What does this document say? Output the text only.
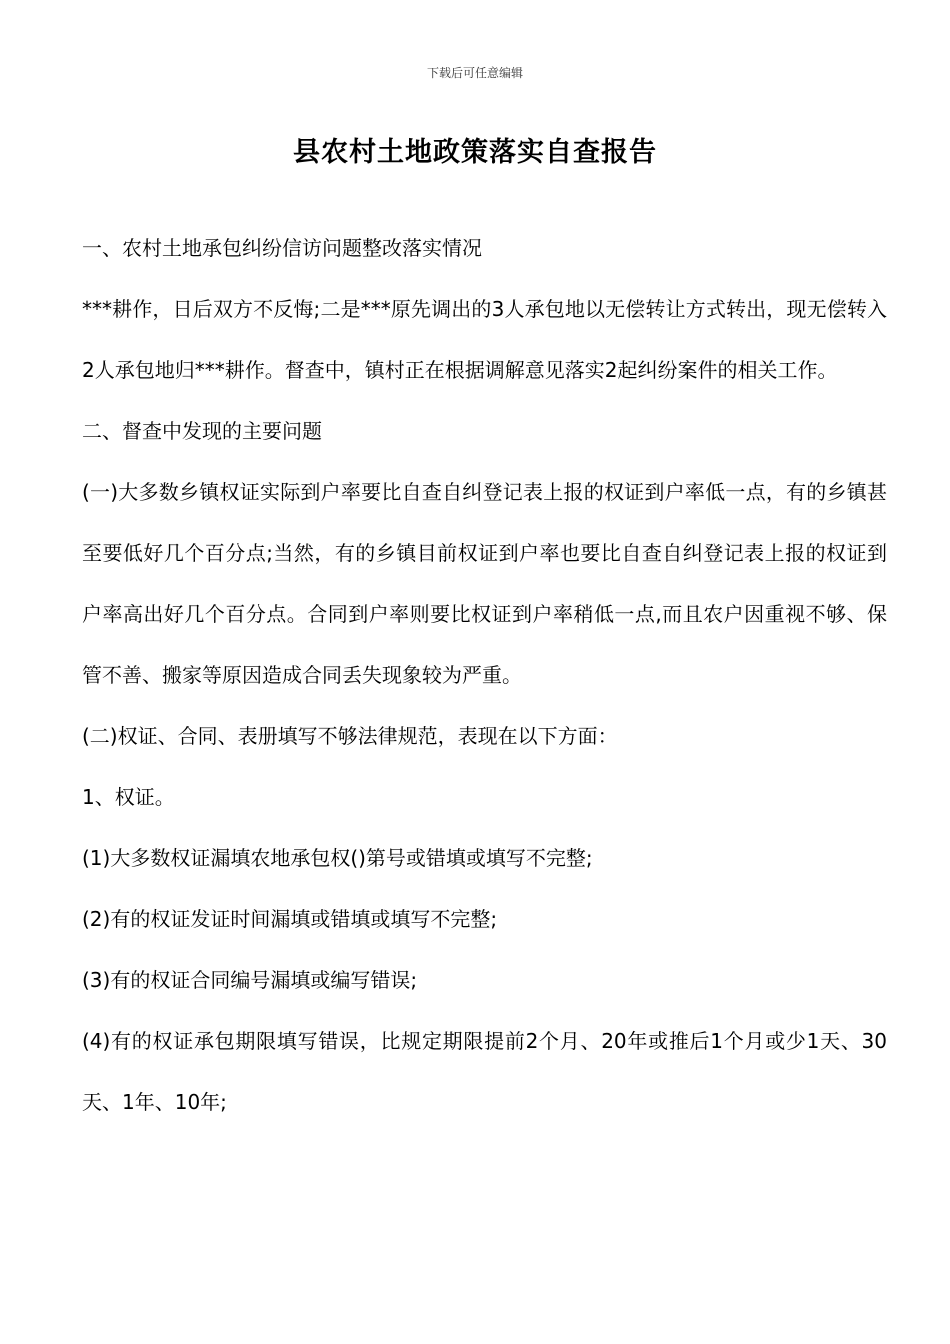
下载后可任意编辑
县农村土地政策落实自查报告

一、农村土地承包纠纷信访问题整改落实情况

***耕作，日后双方不反悔;二是***原先调出的3人承包地以无偿转让方式转出，现无偿转入2人承包地归***耕作。督查中，镇村正在根据调解意见落实2起纠纷案件的相关工作。

二、督查中发现的主要问题

(一)大多数乡镇权证实际到户率要比自查自纠登记表上报的权证到户率低一点，有的乡镇甚至要低好几个百分点;当然，有的乡镇目前权证到户率也要比自查自纠登记表上报的权证到户率高出好几个百分点。合同到户率则要比权证到户率稍低一点,而且农户因重视不够、保管不善、搬家等原因造成合同丢失现象较为严重。

(二)权证、合同、表册填写不够法律规范，表现在以下方面：

1、权证。

(1)大多数权证漏填农地承包权()第号或错填或填写不完整;

(2)有的权证发证时间漏填或错填或填写不完整;

(3)有的权证合同编号漏填或编写错误;

(4)有的权证承包期限填写错误，比规定期限提前2个月、20年或推后1个月或少1天、30天、1年、10年;
